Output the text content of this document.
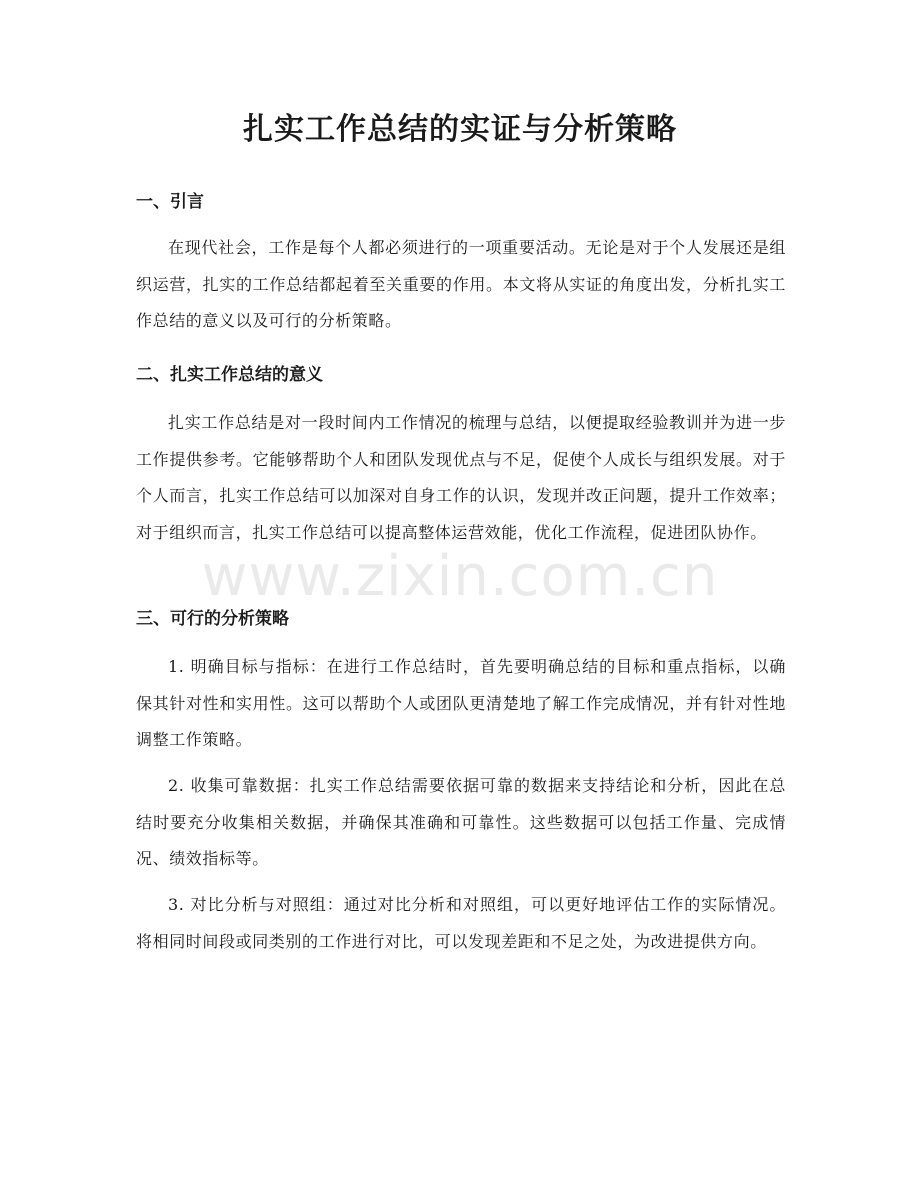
扎实工作总结的实证与分析策略
一、引言

在现代社会，工作是每个人都必须进行的一项重要活动。无论是对于个人发展还是组织运营，扎实的工作总结都起着至关重要的作用。本文将从实证的角度出发，分析扎实工作总结的意义以及可行的分析策略。

二、扎实工作总结的意义

扎实工作总结是对一段时间内工作情况的梳理与总结，以便提取经验教训并为进一步工作提供参考。它能够帮助个人和团队发现优点与不足，促使个人成长与组织发展。对于个人而言，扎实工作总结可以加深对自身工作的认识，发现并改正问题，提升工作效率；对于组织而言，扎实工作总结可以提高整体运营效能，优化工作流程，促进团队协作。

三、可行的分析策略

1. 明确目标与指标：在进行工作总结时，首先要明确总结的目标和重点指标，以确保其针对性和实用性。这可以帮助个人或团队更清楚地了解工作完成情况，并有针对性地调整工作策略。

2. 收集可靠数据：扎实工作总结需要依据可靠的数据来支持结论和分析，因此在总结时要充分收集相关数据，并确保其准确和可靠性。这些数据可以包括工作量、完成情况、绩效指标等。

3. 对比分析与对照组：通过对比分析和对照组，可以更好地评估工作的实际情况。将相同时间段或同类别的工作进行对比，可以发现差距和不足之处，为改进提供方向。

www.zixin.com.cn
